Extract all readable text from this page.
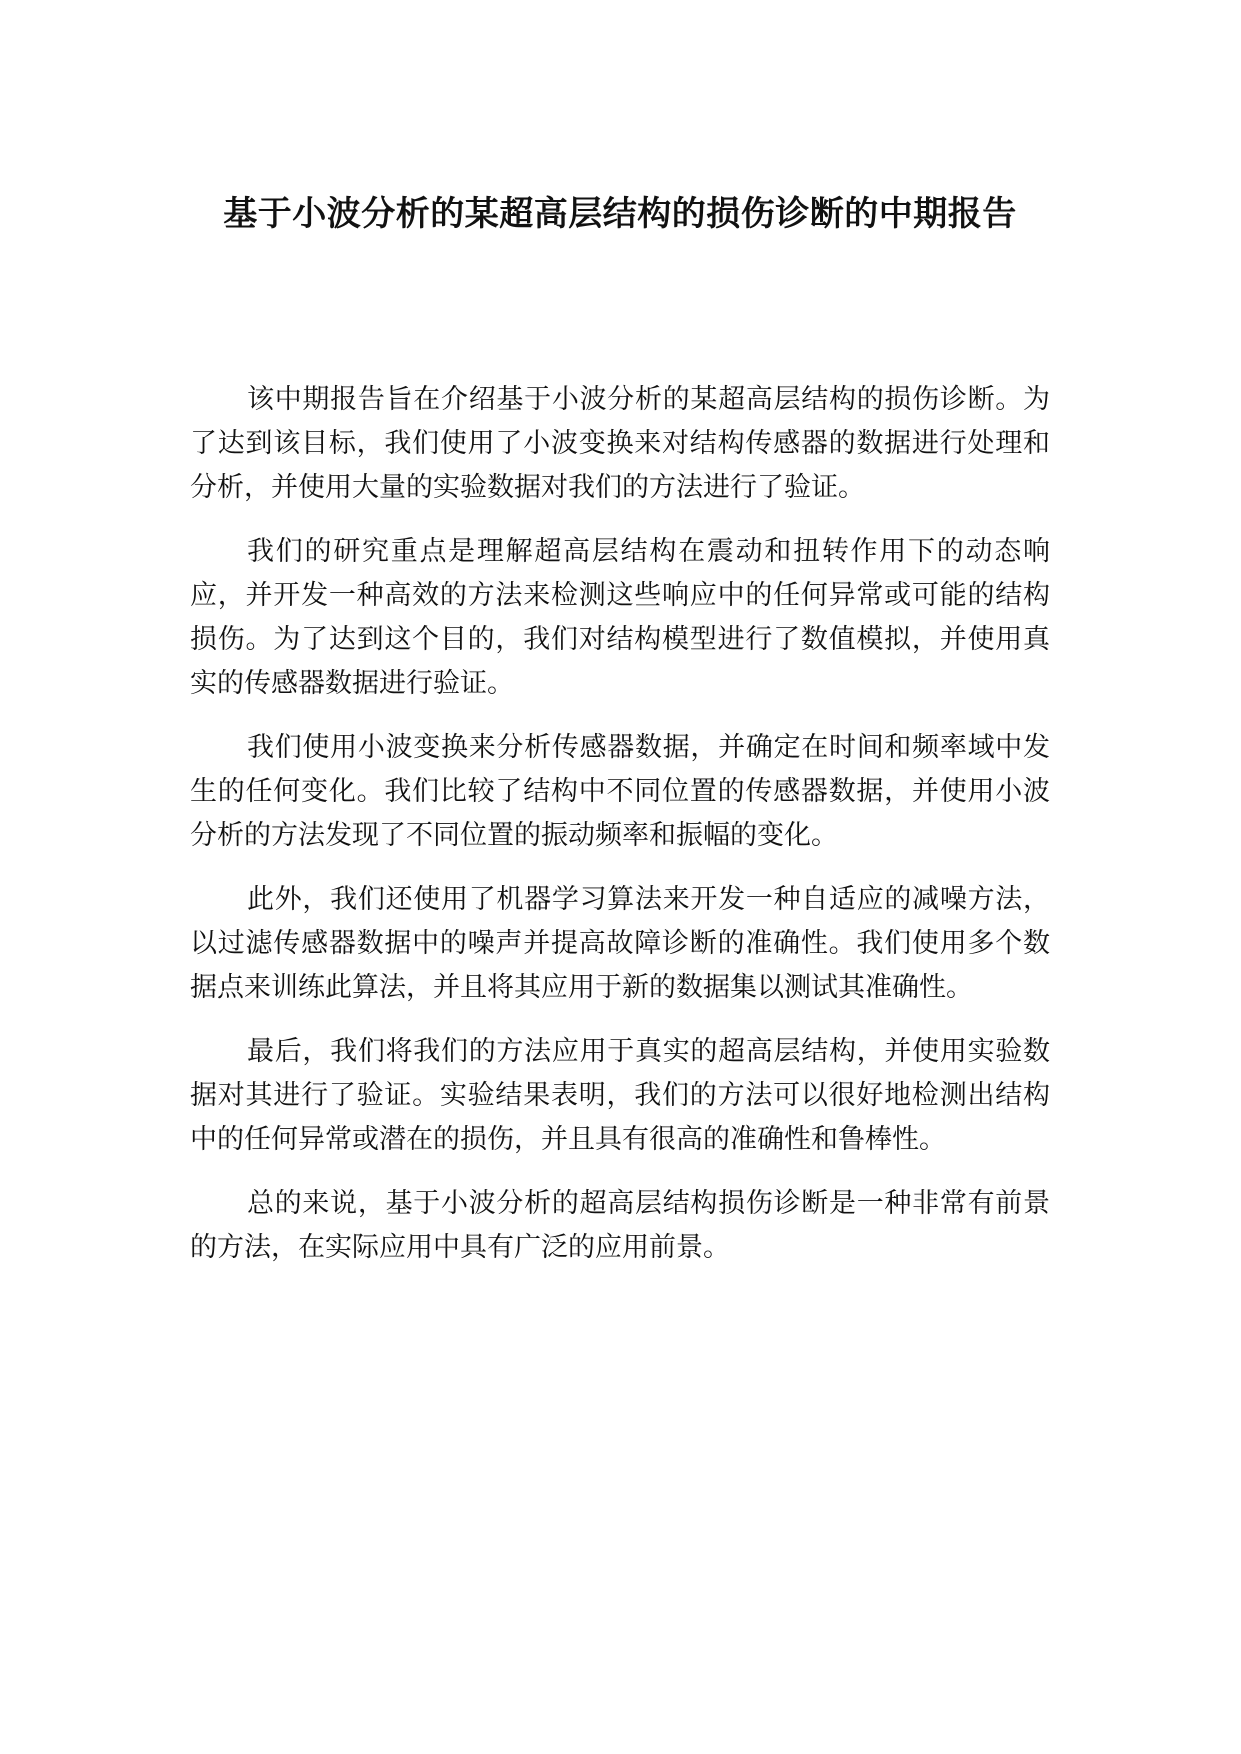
基于小波分析的某超高层结构的损伤诊断的中期报告

该中期报告旨在介绍基于小波分析的某超高层结构的损伤诊断。为了达到该目标，我们使用了小波变换来对结构传感器的数据进行处理和分析，并使用大量的实验数据对我们的方法进行了验证。

我们的研究重点是理解超高层结构在震动和扭转作用下的动态响应，并开发一种高效的方法来检测这些响应中的任何异常或可能的结构损伤。为了达到这个目的，我们对结构模型进行了数值模拟，并使用真实的传感器数据进行验证。

我们使用小波变换来分析传感器数据，并确定在时间和频率域中发生的任何变化。我们比较了结构中不同位置的传感器数据，并使用小波分析的方法发现了不同位置的振动频率和振幅的变化。

此外，我们还使用了机器学习算法来开发一种自适应的减噪方法，以过滤传感器数据中的噪声并提高故障诊断的准确性。我们使用多个数据点来训练此算法，并且将其应用于新的数据集以测试其准确性。

最后，我们将我们的方法应用于真实的超高层结构，并使用实验数据对其进行了验证。实验结果表明，我们的方法可以很好地检测出结构中的任何异常或潜在的损伤，并且具有很高的准确性和鲁棒性。

总的来说，基于小波分析的超高层结构损伤诊断是一种非常有前景的方法，在实际应用中具有广泛的应用前景。
